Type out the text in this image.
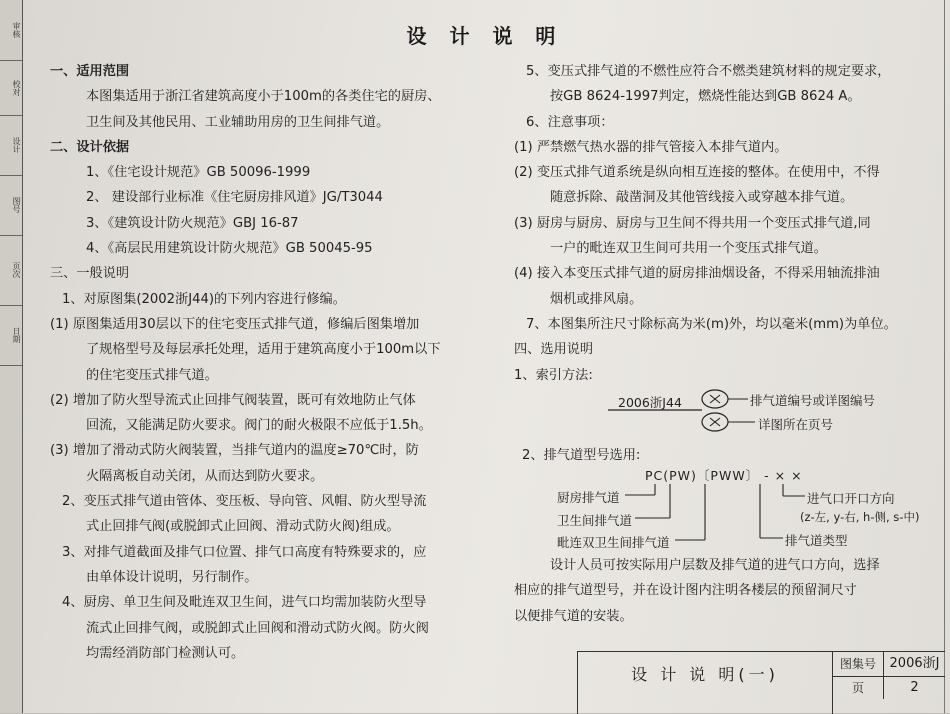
审核
校对
设计
图号
页次
日期
设 计 说 明
一、适用范围
本图集适用于浙江省建筑高度小于100m的各类住宅的厨房、
卫生间及其他民用、工业辅助用房的卫生间排气道。
二、设计依据
1、《住宅设计规范》GB 50096-1999
2、 建设部行业标准《住宅厨房排风道》JG/T3044
3、《建筑设计防火规范》GBJ 16-87
4、《高层民用建筑设计防火规范》GB 50045-95
三、一般说明
1、对原图集(2002浙J44)的下列内容进行修编。
(1) 原图集适用30层以下的住宅变压式排气道，修编后图集增加
了规格型号及每层承托处理，适用于建筑高度小于100m以下
的住宅变压式排气道。
(2) 增加了防火型导流式止回排气阀装置，既可有效地防止气体
回流，又能满足防火要求。阀门的耐火极限不应低于1.5h。
(3) 增加了滑动式防火阀装置，当排气道内的温度≥70℃时，防
火隔离板自动关闭，从而达到防火要求。
2、变压式排气道由管体、变压板、导向管、风帽、防火型导流
式止回排气阀(或脱卸式止回阀、滑动式防火阀)组成。
3、对排气道截面及排气口位置、排气口高度有特殊要求的，应
由单体设计说明，另行制作。
4、厨房、单卫生间及毗连双卫生间，进气口均需加装防火型导
流式止回排气阀，或脱卸式止回阀和滑动式防火阀。防火阀
均需经消防部门检测认可。
5、变压式排气道的不燃性应符合不燃类建筑材料的规定要求，
按GB 8624-1997判定，燃烧性能达到GB 8624 A。
6、注意事项：
(1) 严禁燃气热水器的排气管接入本排气道内。
(2) 变压式排气道系统是纵向相互连接的整体。在使用中，不得
随意拆除、敲凿洞及其他管线接入或穿越本排气道。
(3) 厨房与厨房、厨房与卫生间不得共用一个变压式排气道,同
一户的毗连双卫生间可共用一个变压式排气道。
(4) 接入本变压式排气道的厨房排油烟设备，不得采用轴流排油
烟机或排风扇。
7、本图集所注尺寸除标高为米(m)外，均以毫米(mm)为单位。
四、选用说明
1、索引方法:
2006浙J44	排气道编号或详图编号
详图所在页号
2、排气道型号选用:
PC(PW)〔PWW〕 - × ×
厨房排气道
卫生间排气道
毗连双卫生间排气道
进气口开口方向
(z-左, y-右, h-侧, s-中)
排气道类型
设计人员可按实际用户层数及排气道的进气口方向，选择
相应的排气道型号，并在设计图内注明各楼层的预留洞尺寸
以便排气道的安装。
设 计 说 明(一)
图集号	2006浙J
页	2
